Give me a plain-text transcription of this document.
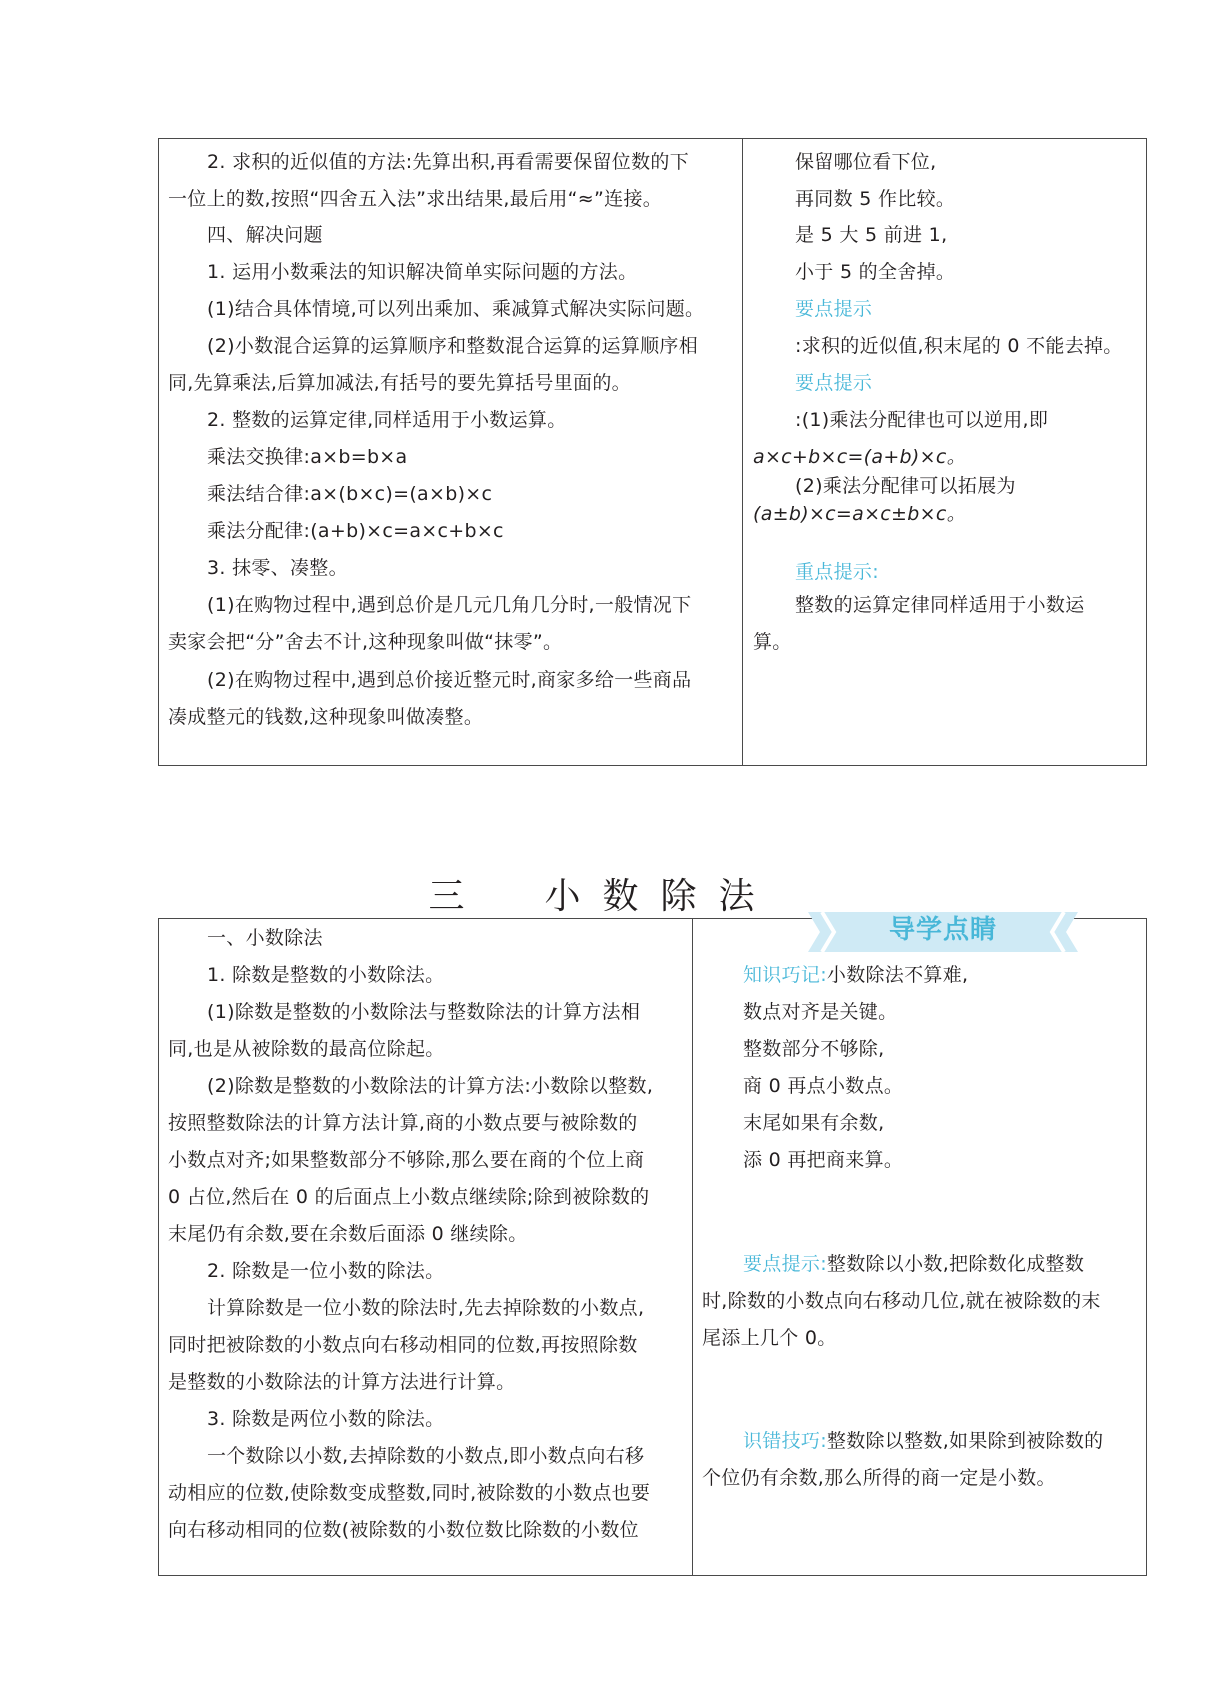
2. 求积的近似值的方法:先算出积,再看需要保留位数的下
一位上的数,按照“四舍五入法”求出结果,最后用“≈”连接。
四、解决问题
1. 运用小数乘法的知识解决简单实际问题的方法。
(1)结合具体情境,可以列出乘加、乘减算式解决实际问题。
(2)小数混合运算的运算顺序和整数混合运算的运算顺序相
同,先算乘法,后算加减法,有括号的要先算括号里面的。
2. 整数的运算定律,同样适用于小数运算。
乘法交换律:a×b=b×a
乘法结合律:a×(b×c)=(a×b)×c
乘法分配律:(a+b)×c=a×c+b×c
3. 抹零、凑整。
(1)在购物过程中,遇到总价是几元几角几分时,一般情况下
卖家会把“分”舍去不计,这种现象叫做“抹零”。
(2)在购物过程中,遇到总价接近整元时,商家多给一些商品
凑成整元的钱数,这种现象叫做凑整。
保留哪位看下位,
再同数 5 作比较。
是 5 大 5 前进 1,
小于 5 的全舍掉。
要点提示
:求积的近似值,积末尾的 0 不能去掉。
要点提示
:(1)乘法分配律也可以逆用,即
a×c+b×c=(a+b)×c。
(2)乘法分配律可以拓展为
(a±b)×c=a×c±b×c。
重点提示:
整数的运算定律同样适用于小数运
算。
三　小数除法
导学点睛
一、小数除法
1. 除数是整数的小数除法。
(1)除数是整数的小数除法与整数除法的计算方法相
同,也是从被除数的最高位除起。
(2)除数是整数的小数除法的计算方法:小数除以整数,
按照整数除法的计算方法计算,商的小数点要与被除数的
小数点对齐;如果整数部分不够除,那么要在商的个位上商
0 占位,然后在 0 的后面点上小数点继续除;除到被除数的
末尾仍有余数,要在余数后面添 0 继续除。
2. 除数是一位小数的除法。
计算除数是一位小数的除法时,先去掉除数的小数点,
同时把被除数的小数点向右移动相同的位数,再按照除数
是整数的小数除法的计算方法进行计算。
3. 除数是两位小数的除法。
一个数除以小数,去掉除数的小数点,即小数点向右移
动相应的位数,使除数变成整数,同时,被除数的小数点也要
向右移动相同的位数(被除数的小数位数比除数的小数位
知识巧记:小数除法不算难,
数点对齐是关键。
整数部分不够除,
商 0 再点小数点。
末尾如果有余数,
添 0 再把商来算。
要点提示:整数除以小数,把除数化成整数
时,除数的小数点向右移动几位,就在被除数的末
尾添上几个 0。
识错技巧:整数除以整数,如果除到被除数的
个位仍有余数,那么所得的商一定是小数。
